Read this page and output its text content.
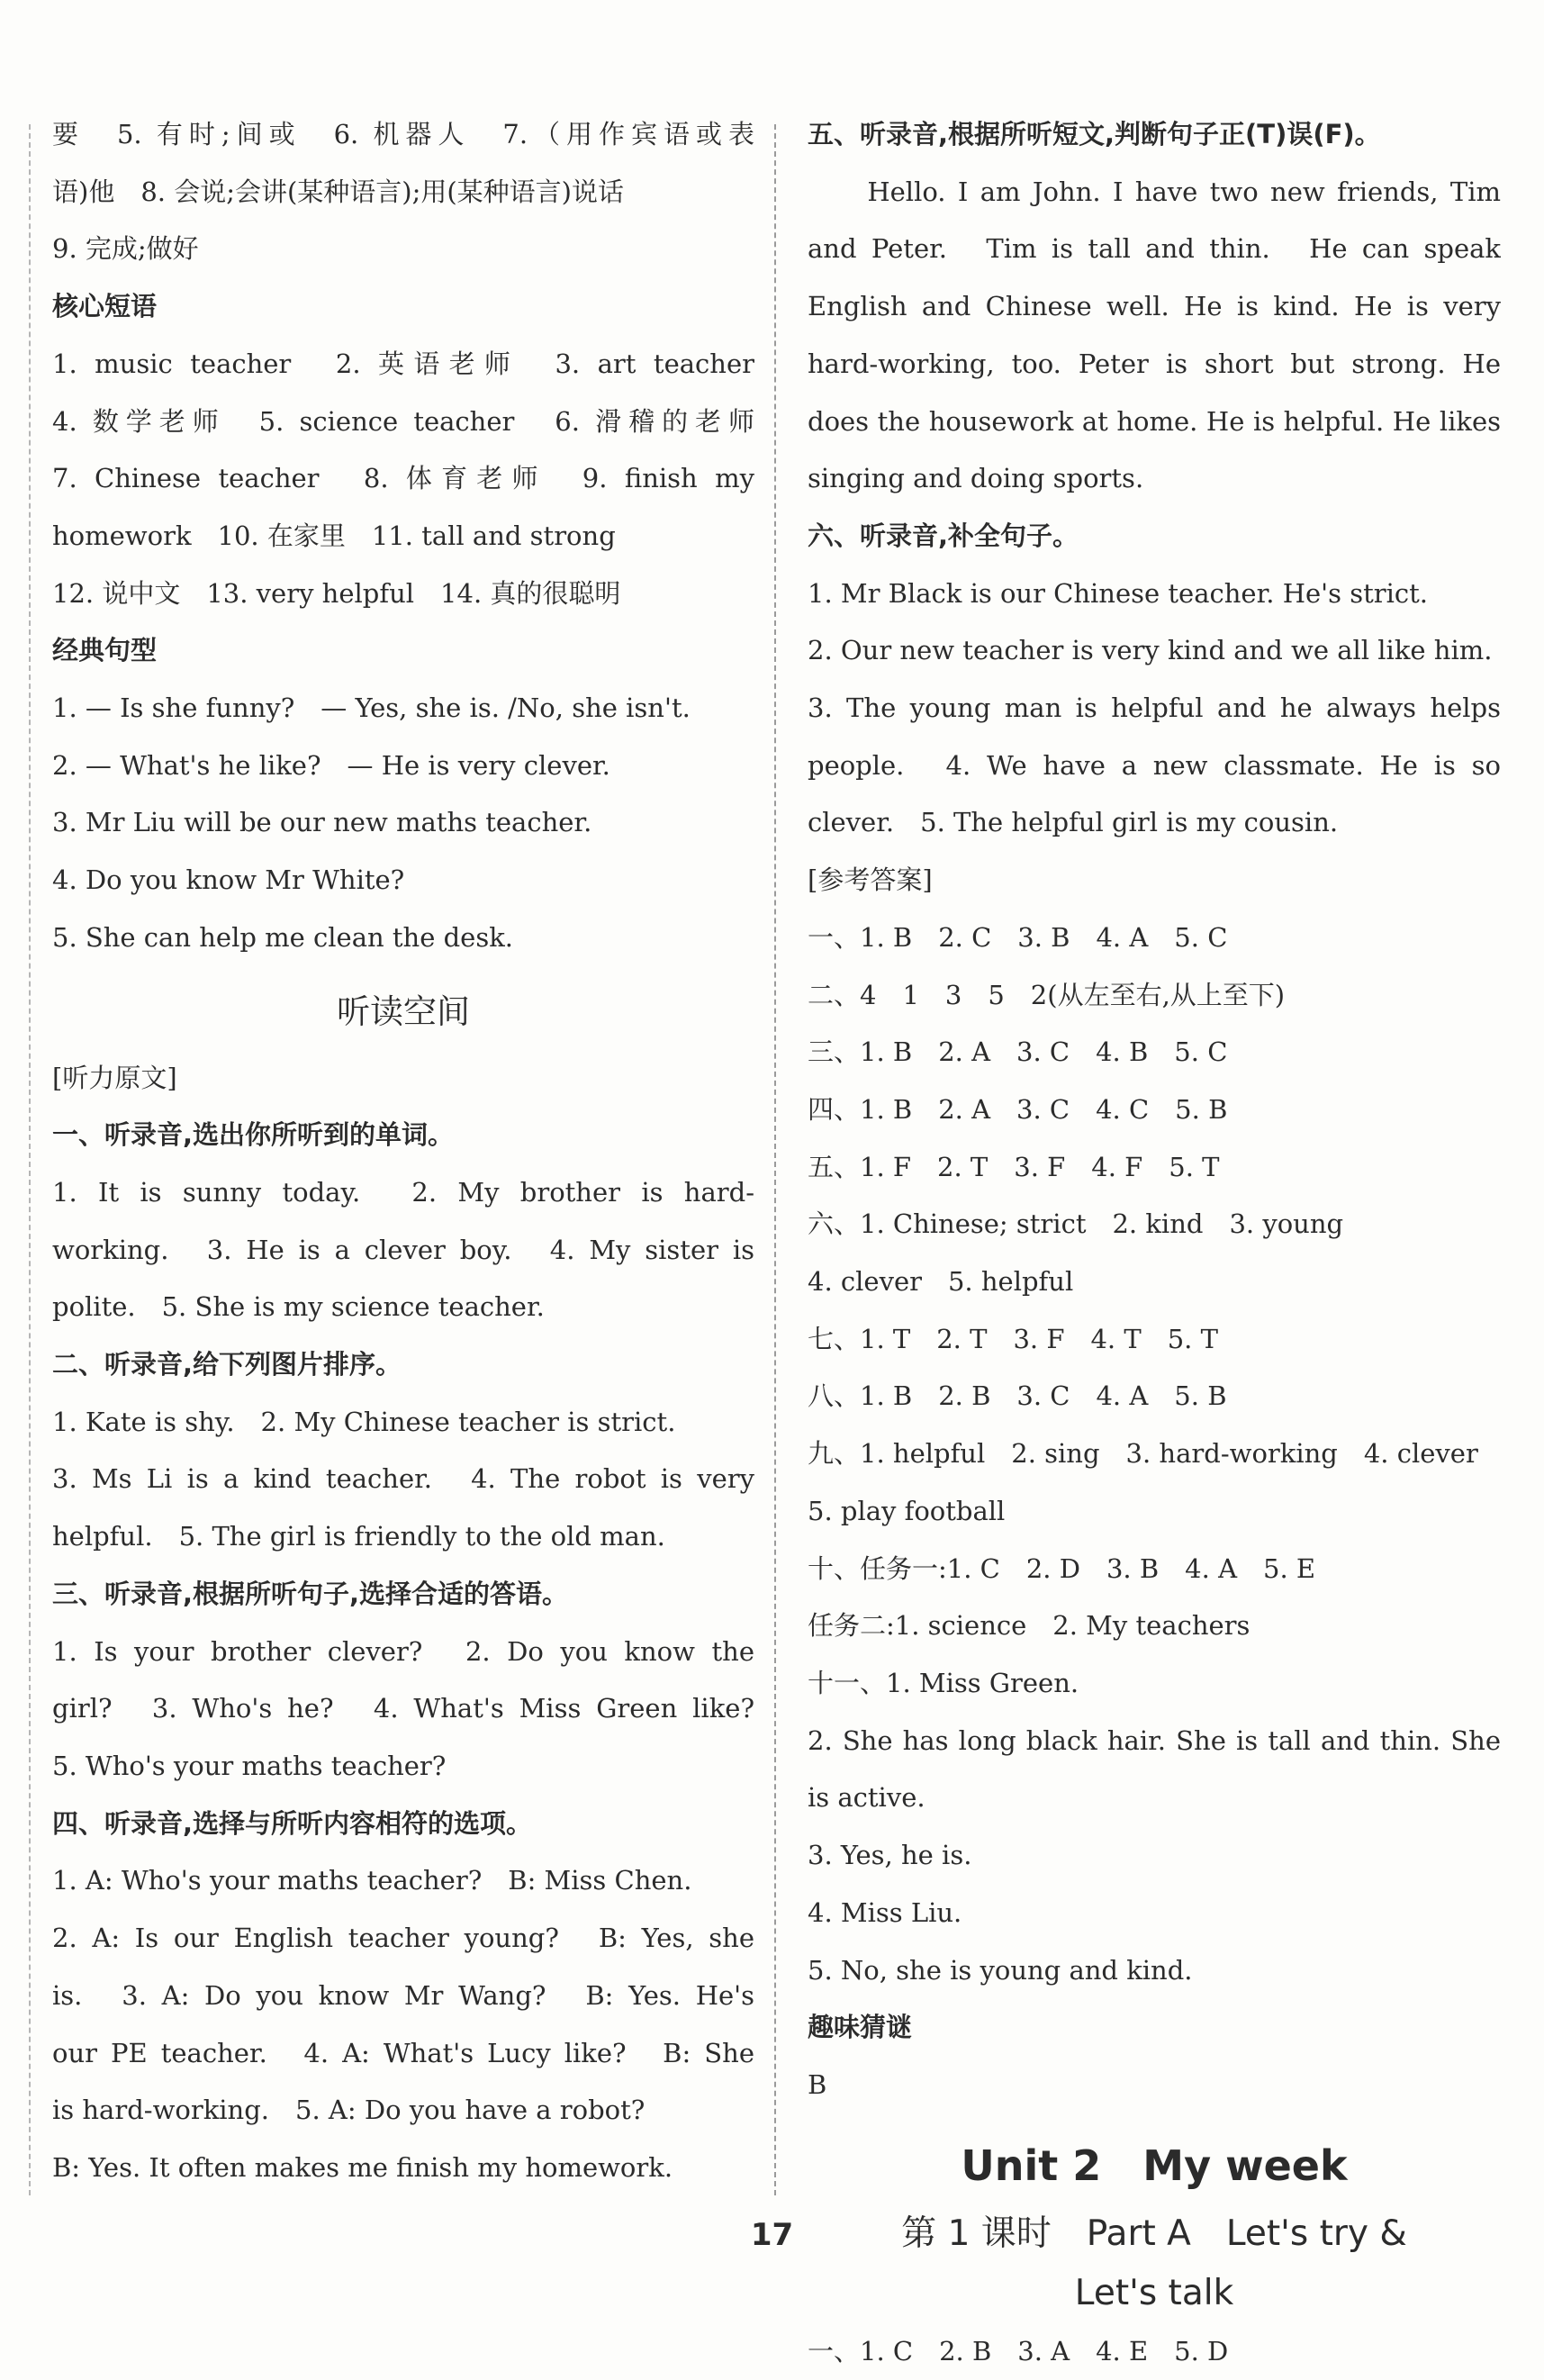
要　5. 有时;间或　6. 机器人　7.（用作宾语或表
语)他　8. 会说;会讲(某种语言);用(某种语言)说话
9. 完成;做好
核心短语
1. music teacher　2. 英语老师　3. art teacher
4. 数学老师　5. science teacher　6. 滑稽的老师
7. Chinese teacher　8. 体育老师　9. finish my
homework　10. 在家里　11. tall and strong
12. 说中文　13. very helpful　14. 真的很聪明
经典句型
1. — Is she funny?　— Yes, she is. /No, she isn't.
2. — What's he like?　— He is very clever.
3. Mr Liu will be our new maths teacher.
4. Do you know Mr White?
5. She can help me clean the desk.
听读空间
[听力原文]
一、听录音,选出你所听到的单词。
1. It is sunny today.　2. My brother is hard-
working.　3. He is a clever boy.　4. My sister is
polite.　5. She is my science teacher.
二、听录音,给下列图片排序。
1. Kate is shy.　2. My Chinese teacher is strict.
3. Ms Li is a kind teacher.　4. The robot is very
helpful.　5. The girl is friendly to the old man.
三、听录音,根据所听句子,选择合适的答语。
1. Is your brother clever?　2. Do you know the
girl?　3. Who's he?　4. What's Miss Green like?
5. Who's your maths teacher?
四、听录音,选择与所听内容相符的选项。
1. A: Who's your maths teacher?　B: Miss Chen.
2. A: Is our English teacher young?　B: Yes, she
is.　3. A: Do you know Mr Wang?　B: Yes. He's
our PE teacher.　4. A: What's Lucy like?　B: She
is hard-working.　5. A: Do you have a robot?
B: Yes. It often makes me finish my homework.
五、听录音,根据所听短文,判断句子正(T)误(F)。
　　Hello. I am John. I have two new friends, Tim
and Peter.　Tim is tall and thin.　He can speak
English and Chinese well. He is kind. He is very
hard-working, too. Peter is short but strong. He
does the housework at home. He is helpful. He likes
singing and doing sports.
六、听录音,补全句子。
1. Mr Black is our Chinese teacher. He's strict.
2. Our new teacher is very kind and we all like him.
3. The young man is helpful and he always helps
people.　4. We have a new classmate. He is so
clever.　5. The helpful girl is my cousin.
[参考答案]
一、1. B　2. C　3. B　4. A　5. C
二、4　1　3　5　2(从左至右,从上至下)
三、1. B　2. A　3. C　4. B　5. C
四、1. B　2. A　3. C　4. C　5. B
五、1. F　2. T　3. F　4. F　5. T
六、1. Chinese; strict　2. kind　3. young
4. clever　5. helpful
七、1. T　2. T　3. F　4. T　5. T
八、1. B　2. B　3. C　4. A　5. B
九、1. helpful　2. sing　3. hard-working　4. clever
5. play football
十、任务一:1. C　2. D　3. B　4. A　5. E
任务二:1. science　2. My teachers
十一、1. Miss Green.
2. She has long black hair. She is tall and thin. She
is active.
3. Yes, he is.
4. Miss Liu.
5. No, she is young and kind.
趣味猜谜
B
Unit 2　My week
第 1 课时　Part A　Let's try &
Let's talk
一、1. C　2. B　3. A　4. E　5. D
17
